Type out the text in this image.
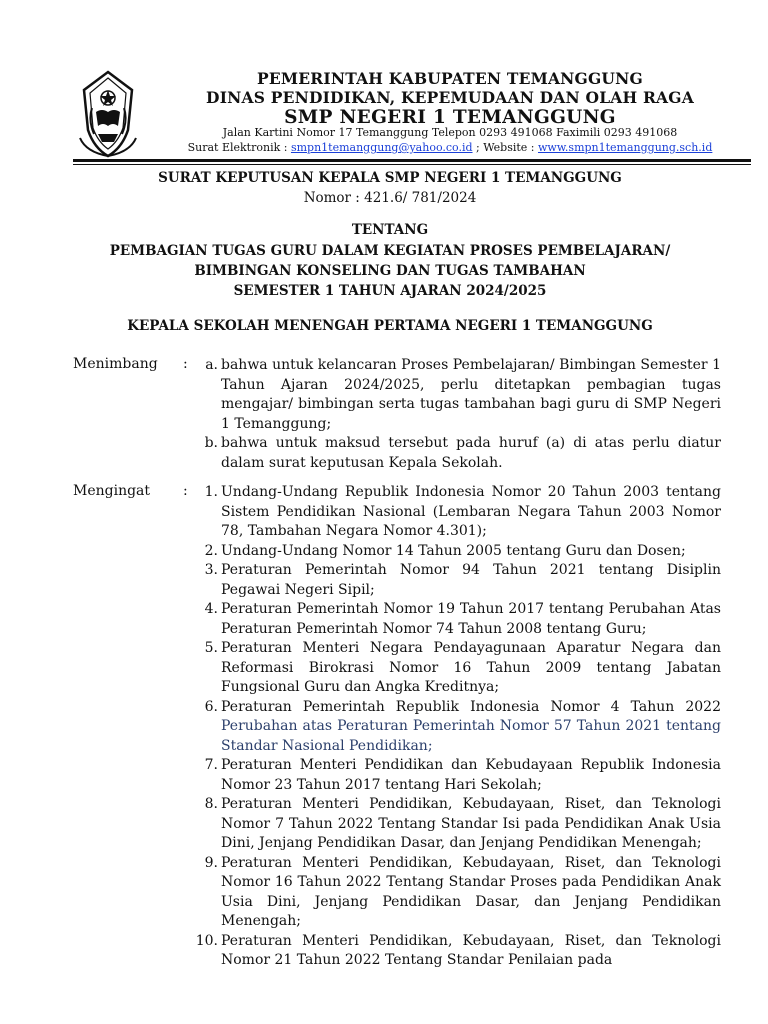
PEMERINTAH KABUPATEN TEMANGGUNG
DINAS PENDIDIKAN, KEPEMUDAAN DAN OLAH RAGA
SMP NEGERI 1 TEMANGGUNG
Jalan Kartini Nomor 17 Temanggung Telepon 0293 491068 Faximili 0293 491068
Surat Elektronik : smpn1temanggung@yahoo.co.id ; Website : www.smpn1temanggung.sch.id
SURAT KEPUTUSAN KEPALA SMP NEGERI 1 TEMANGGUNG
Nomor : 421.6/ 781/2024
TENTANG
PEMBAGIAN TUGAS GURU DALAM KEGIATAN PROSES PEMBELAJARAN/
BIMBINGAN KONSELING DAN TUGAS TAMBAHAN
SEMESTER 1 TAHUN AJARAN 2024/2025
KEPALA SEKOLAH MENENGAH PERTAMA NEGERI 1 TEMANGGUNG
Menimbang :	a. bahwa untuk kelancaran Proses Pembelajaran/ Bimbingan Semester 1 Tahun Ajaran 2024/2025, perlu ditetapkan pembagian tugas mengajar/ bimbingan serta tugas tambahan bagi guru di SMP Negeri 1 Temanggung;
b. bahwa untuk maksud tersebut pada huruf (a) di atas perlu diatur dalam surat keputusan Kepala Sekolah.
Mengingat :	1. Undang-Undang Republik Indonesia Nomor 20 Tahun 2003 tentang Sistem Pendidikan Nasional (Lembaran Negara Tahun 2003 Nomor 78, Tambahan Negara Nomor 4.301);
2. Undang-Undang Nomor 14 Tahun 2005 tentang Guru dan Dosen;
3. Peraturan Pemerintah Nomor 94 Tahun 2021 tentang Disiplin Pegawai Negeri Sipil;
4. Peraturan Pemerintah Nomor 19 Tahun 2017 tentang Perubahan Atas Peraturan Pemerintah Nomor 74 Tahun 2008 tentang Guru;
5. Peraturan Menteri Negara Pendayagunaan Aparatur Negara dan Reformasi Birokrasi Nomor 16 Tahun 2009 tentang Jabatan Fungsional Guru dan Angka Kreditnya;
6. Peraturan Pemerintah Republik Indonesia Nomor 4 Tahun 2022 Perubahan atas Peraturan Pemerintah Nomor 57 Tahun 2021 tentang Standar Nasional Pendidikan;
7. Peraturan Menteri Pendidikan dan Kebudayaan Republik Indonesia Nomor 23 Tahun 2017 tentang Hari Sekolah;
8. Peraturan Menteri Pendidikan, Kebudayaan, Riset, dan Teknologi Nomor 7 Tahun 2022 Tentang Standar Isi pada Pendidikan Anak Usia Dini, Jenjang Pendidikan Dasar, dan Jenjang Pendidikan Menengah;
9. Peraturan Menteri Pendidikan, Kebudayaan, Riset, dan Teknologi Nomor 16 Tahun 2022 Tentang Standar Proses pada Pendidikan Anak Usia Dini, Jenjang Pendidikan Dasar, dan Jenjang Pendidikan Menengah;
10. Peraturan Menteri Pendidikan, Kebudayaan, Riset, dan Teknologi Nomor 21 Tahun 2022 Tentang Standar Penilaian pada
